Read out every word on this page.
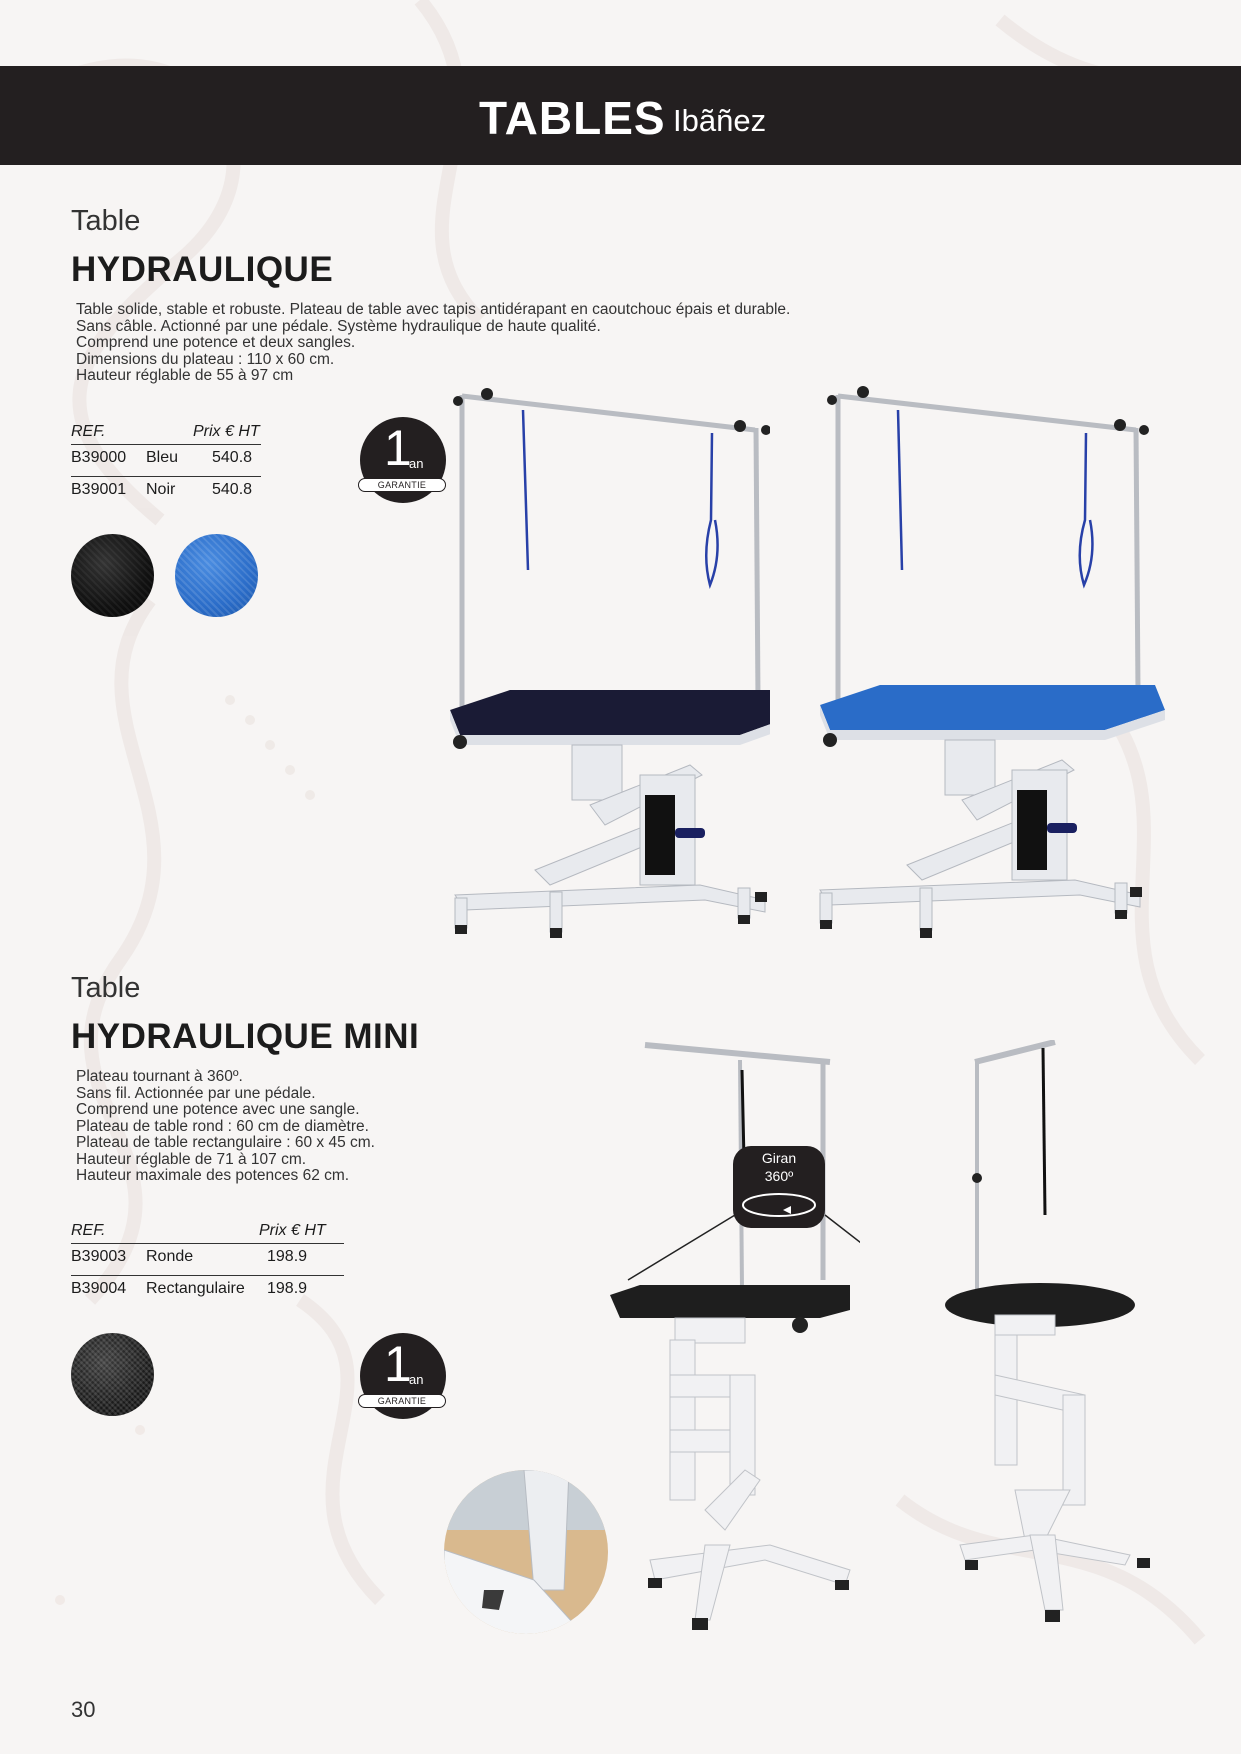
TABLES Ibãñez
Table
HYDRAULIQUE
Table solide, stable et robuste. Plateau de table avec tapis antidérapant en caoutchouc épais et durable.
Sans câble. Actionné par une pédale. Système hydraulique de haute qualité.
Comprend une potence et deux sangles.
Dimensions du plateau : 110 x 60 cm.
Hauteur réglable de 55 à 97 cm
REF.	Prix € HT
B39000 Bleu 540.8
B39001 Noir 540.8
1
an
GARANTIE
Table
HYDRAULIQUE MINI
Plateau tournant à 360º.
Sans fil. Actionnée par une pédale.
Comprend une potence avec une sangle.
Plateau de table rond : 60 cm de diamètre.
Plateau de table rectangulaire : 60 x 45 cm.
Hauteur réglable de 71 à 107 cm.
Hauteur maximale des potences 62 cm.
REF.	Prix € HT
B39003 Ronde	198.9
B39004 Rectangulaire 198.9
1
an
GARANTIE
Giran
360º
30
